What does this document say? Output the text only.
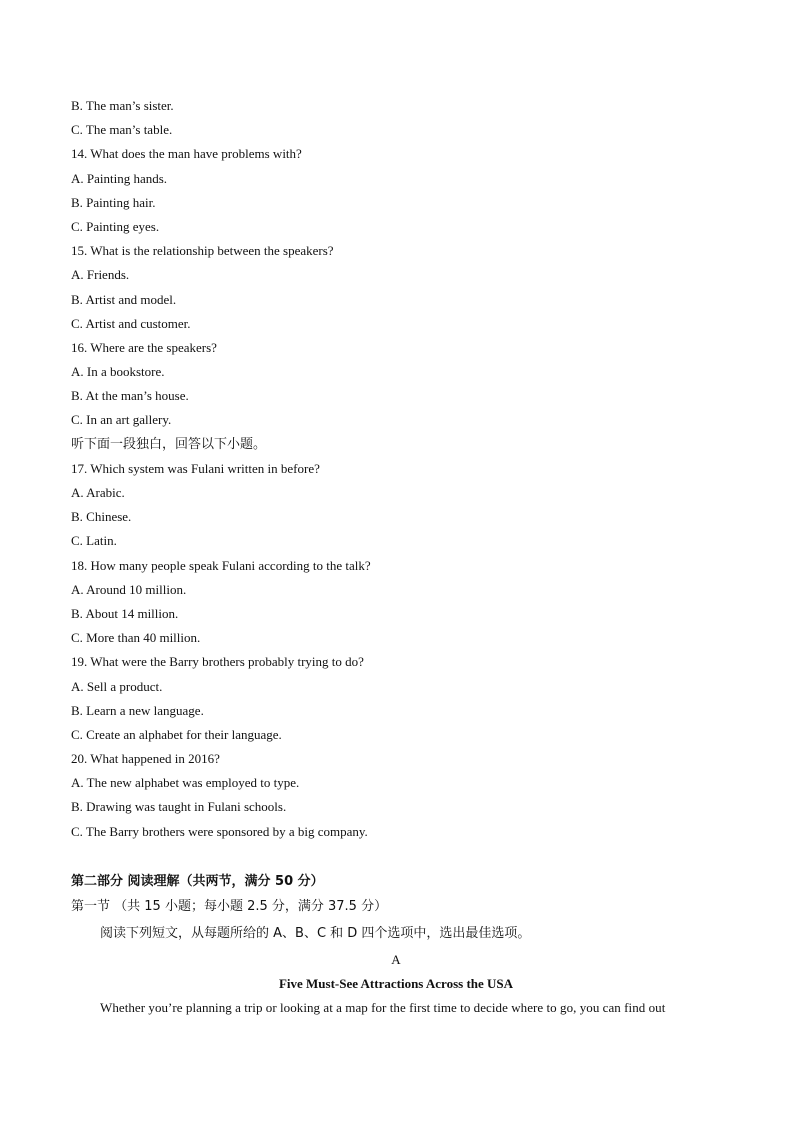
B. The man’s sister.
C. The man’s table.
14. What does the man have problems with?
A. Painting hands.
B. Painting hair.
C. Painting eyes.
15. What is the relationship between the speakers?
A. Friends.
B. Artist and model.
C. Artist and customer.
16. Where are the speakers?
A. In a bookstore.
B. At the man’s house.
C. In an art gallery.
听下面一段独白，回答以下小题。
17. Which system was Fulani written in before?
A. Arabic.
B. Chinese.
C. Latin.
18. How many people speak Fulani according to the talk?
A. Around 10 million.
B. About 14 million.
C. More than 40 million.
19. What were the Barry brothers probably trying to do?
A. Sell a product.
B. Learn a new language.
C. Create an alphabet for their language.
20. What happened in 2016?
A. The new alphabet was employed to type.
B. Drawing was taught in Fulani schools.
C. The Barry brothers were sponsored by a big company.
第二部分 阅读理解（共两节，满分 50 分）
第一节 （共 15 小题；每小题 2.5 分，满分 37.5 分）
阅读下列短文，从每题所给的 A、B、C 和 D 四个选项中，选出最佳选项。
A
Five Must-See Attractions Across the USA
Whether you’re planning a trip or looking at a map for the first time to decide where to go, you can find out
